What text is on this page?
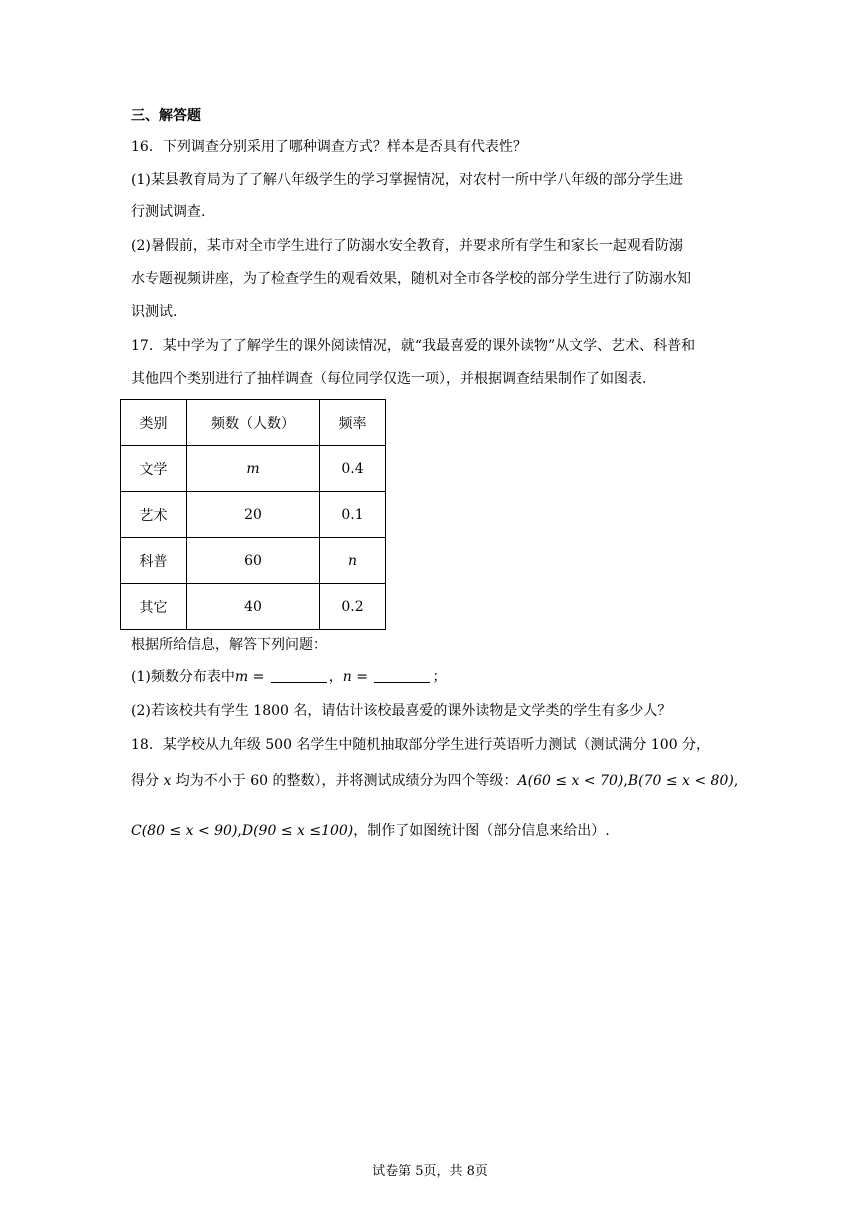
三、解答题
16．下列调查分别采用了哪种调查方式？样本是否具有代表性？
(1)某县教育局为了了解八年级学生的学习掌握情况，对农村一所中学八年级的部分学生进
行测试调查.
(2)暑假前，某市对全市学生进行了防溺水安全教育，并要求所有学生和家长一起观看防溺
水专题视频讲座，为了检查学生的观看效果，随机对全市各学校的部分学生进行了防溺水知
识测试.
17．某中学为了了解学生的课外阅读情况，就“我最喜爱的课外读物”从文学、艺术、科普和
其他四个类别进行了抽样调查（每位同学仅选一项），并根据调查结果制作了如图表.
类别	频数（人数）	频率
文学	m	0.4
艺术	20	0.1
科普	60	n
其它	40	0.2
根据所给信息，解答下列问题：
(1)频数分布表中m =	，n =	；
(2)若该校共有学生 1800 名，请估计该校最喜爱的课外读物是文学类的学生有多少人？
18．某学校从九年级 500 名学生中随机抽取部分学生进行英语听力测试（测试满分 100 分，
得分 x 均为不小于 60 的整数），并将测试成绩分为四个等级：A(60 ≤ x < 70),B(70 ≤ x < 80),
C(80 ≤ x < 90),D(90 ≤ x ≤100)，制作了如图统计图（部分信息来给出）.
试卷第 5页，共 8页
